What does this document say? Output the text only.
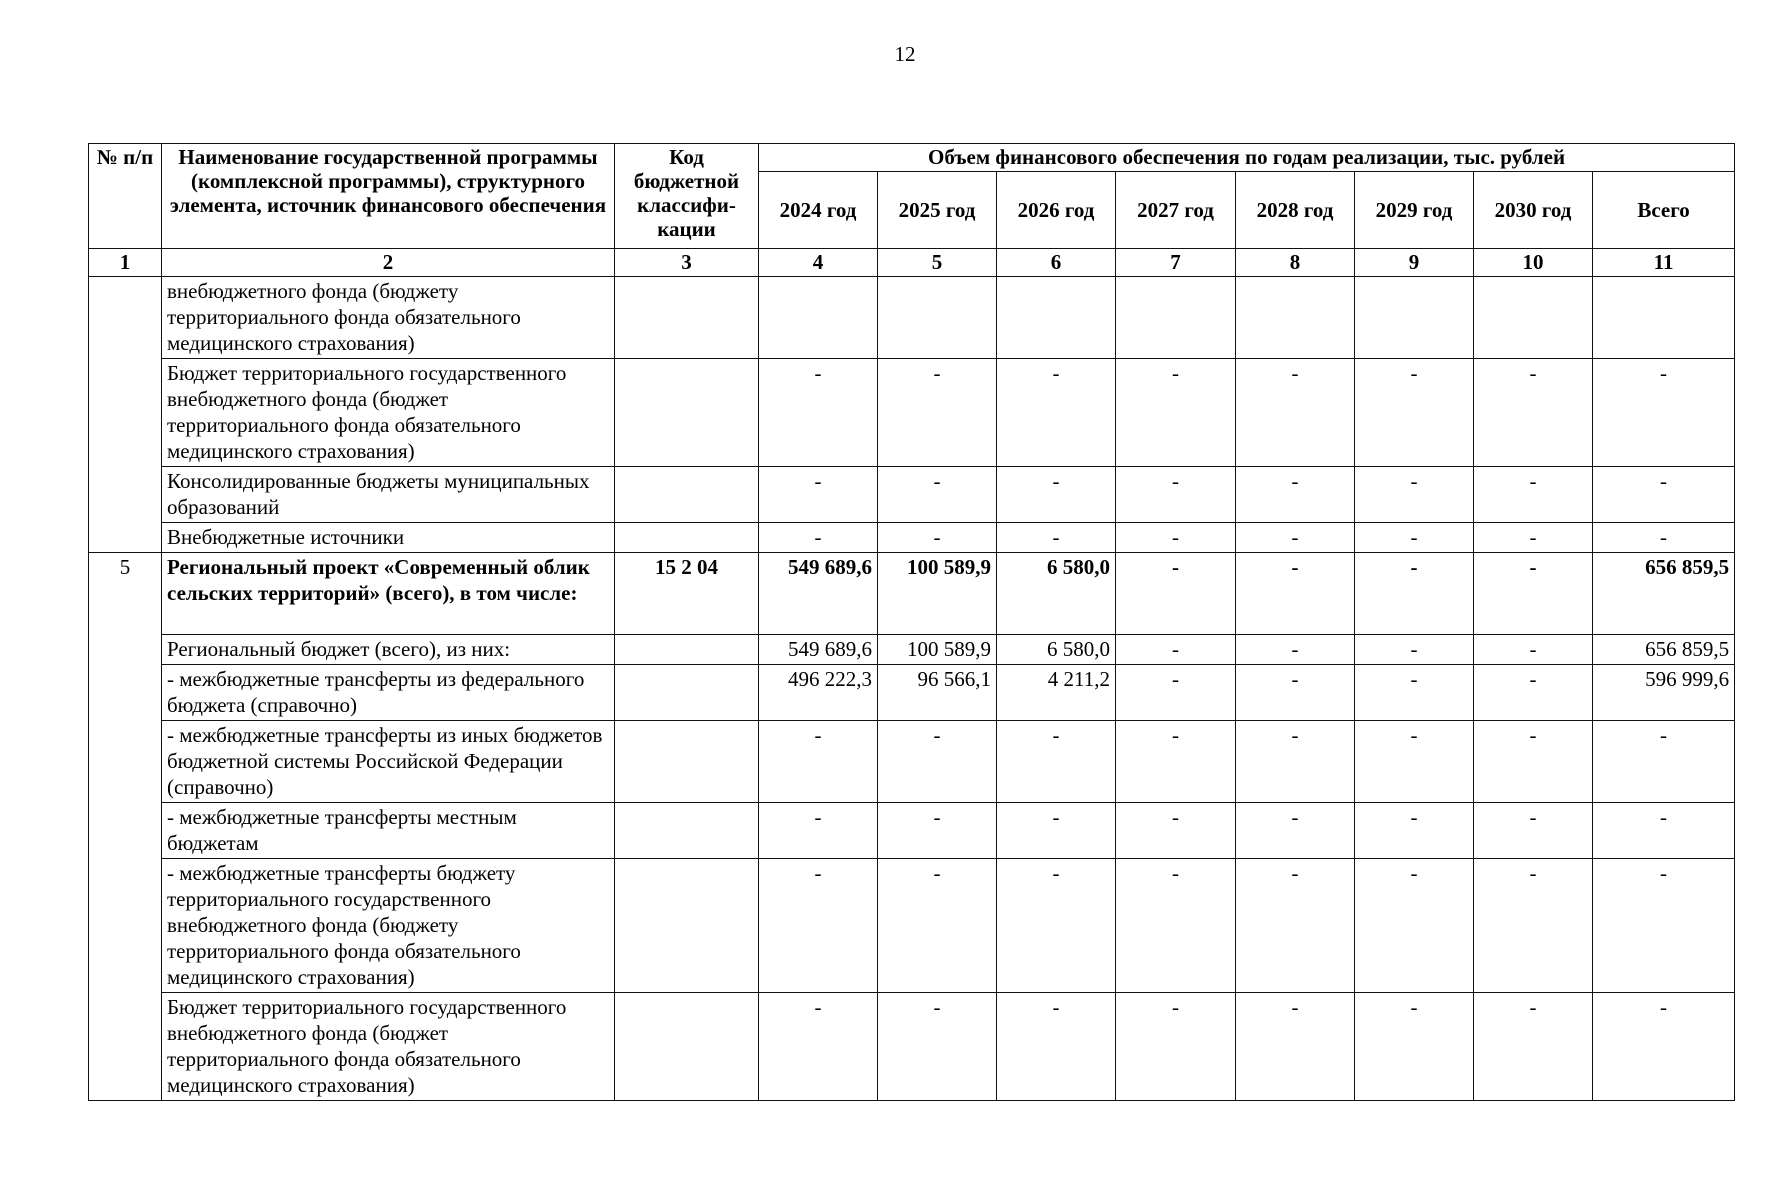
12
№ п/п	Наименование государственной программы (комплексной программы), структурного элемента, источник финансового обеспечения	Код бюджетной классифи-кации	Объем финансового обеспечения по годам реализации, тыс. рублей							
			2024 год	2025 год	2026 год	2027 год	2028 год	2029 год	2030 год	Всего
1	2	3	4	5	6	7	8	9	10	11
	внебюджетного фонда (бюджету территориального фонда обязательного медицинского страхования)									
	Бюджет территориального государственного внебюджетного фонда (бюджет территориального фонда обязательного медицинского страхования)		-	-	-	-	-	-	-	-
	Консолидированные бюджеты муниципальных образований		-	-	-	-	-	-	-	-
	Внебюджетные источники		-	-	-	-	-	-	-	-
5	Региональный проект «Современный облик сельских территорий» (всего), в том числе:	15 2 04	549 689,6	100 589,9	6 580,0	-	-	-	-	656 859,5
	Региональный бюджет (всего), из них:		549 689,6	100 589,9	6 580,0	-	-	-	-	656 859,5
	- межбюджетные трансферты из федерального бюджета (справочно)		496 222,3	96 566,1	4 211,2	-	-	-	-	596 999,6
	- межбюджетные трансферты из иных бюджетов бюджетной системы Российской Федерации (справочно)		-	-	-	-	-	-	-	-
	- межбюджетные трансферты местным бюджетам		-	-	-	-	-	-	-	-
	- межбюджетные трансферты бюджету территориального государственного внебюджетного фонда (бюджету территориального фонда обязательного медицинского страхования)		-	-	-	-	-	-	-	-
	Бюджет территориального государственного внебюджетного фонда (бюджет территориального фонда обязательного медицинского страхования)		-	-	-	-	-	-	-	-
